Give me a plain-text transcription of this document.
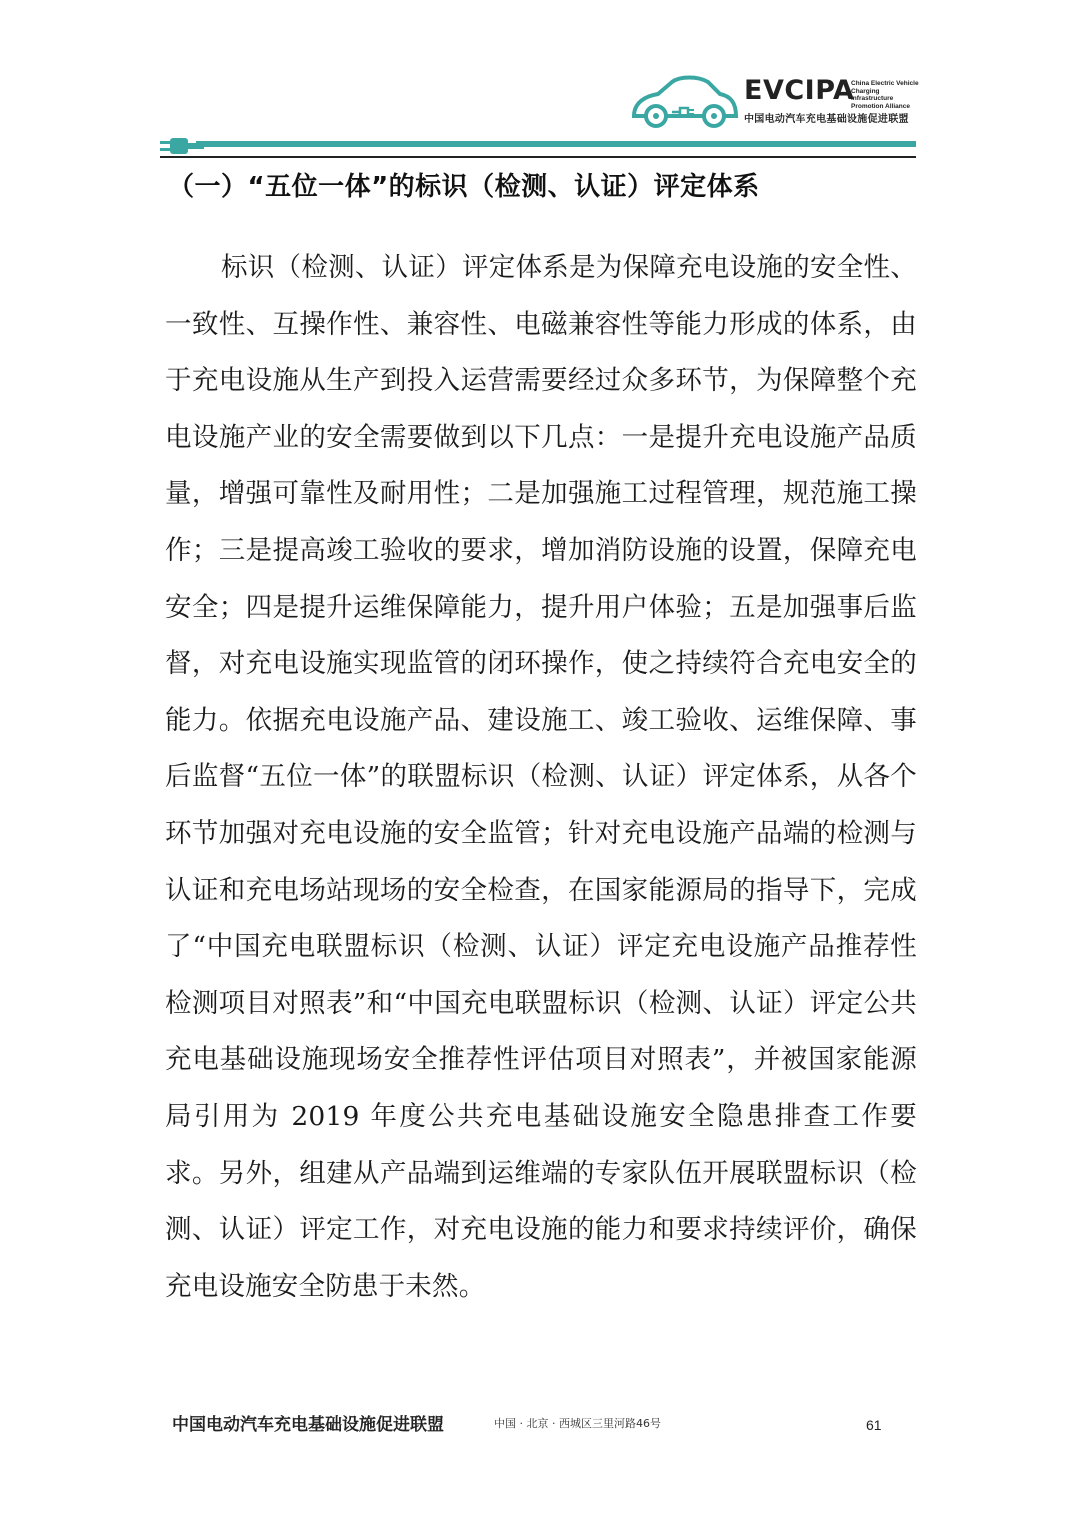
EVCIPA
China Electric Vehicle
Charging Infrastructure
Promotion Alliance
中国电动汽车充电基础设施促进联盟
（一）“五位一体”的标识（检测、认证）评定体系

标识（检测、认证）评定体系是为保障充电设施的安全性、一致性、互操作性、兼容性、电磁兼容性等能力形成的体系，由于充电设施从生产到投入运营需要经过众多环节，为保障整个充电设施产业的安全需要做到以下几点：一是提升充电设施产品质量，增强可靠性及耐用性；二是加强施工过程管理，规范施工操作；三是提高竣工验收的要求，增加消防设施的设置，保障充电安全；四是提升运维保障能力，提升用户体验；五是加强事后监督，对充电设施实现监管的闭环操作，使之持续符合充电安全的能力。依据充电设施产品、建设施工、竣工验收、运维保障、事后监督“五位一体”的联盟标识（检测、认证）评定体系，从各个环节加强对充电设施的安全监管；针对充电设施产品端的检测与认证和充电场站现场的安全检查，在国家能源局的指导下，完成了“中国充电联盟标识（检测、认证）评定充电设施产品推荐性检测项目对照表”和“中国充电联盟标识（检测、认证）评定公共充电基础设施现场安全推荐性评估项目对照表”，并被国家能源局引用为 2019 年度公共充电基础设施安全隐患排查工作要求。另外，组建从产品端到运维端的专家队伍开展联盟标识（检测、认证）评定工作，对充电设施的能力和要求持续评价，确保充电设施安全防患于未然。

中国电动汽车充电基础设施促进联盟	中国 · 北京 · 西城区三里河路46号	61
